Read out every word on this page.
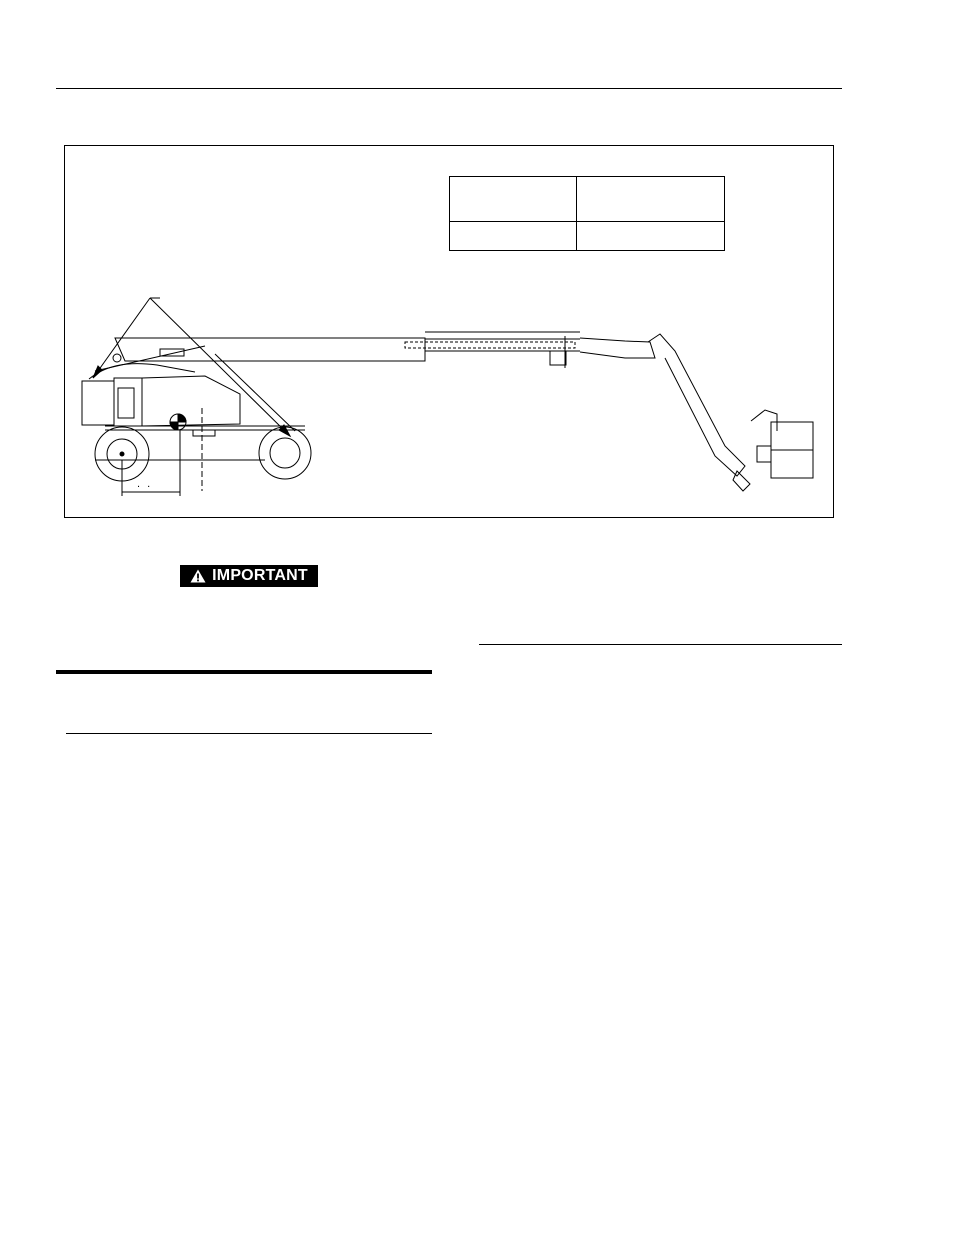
. .
IMPORTANT
